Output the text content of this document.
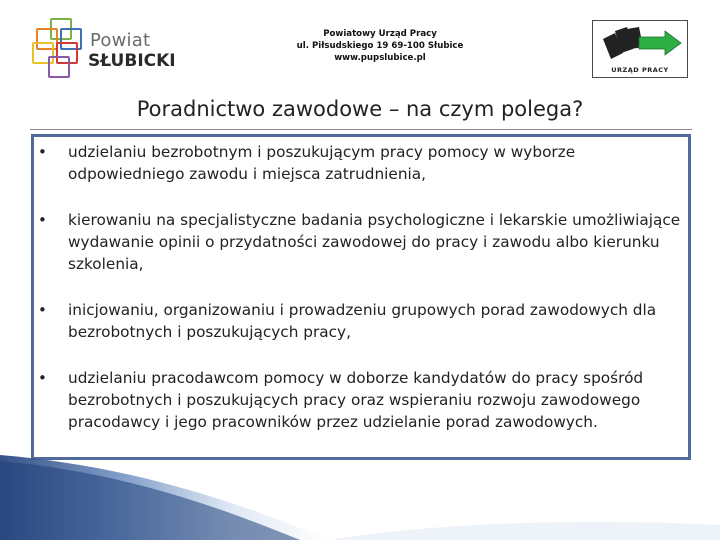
Powiat
SŁUBICKI
Powiatowy Urząd Pracy
ul. Piłsudskiego 19 69-100 Słubice
www.pupslubice.pl
URZĄD PRACY
Poradnictwo zawodowe – na czym polega?
• udzielaniu bezrobotnym i poszukującym pracy pomocy w wyborze odpowiedniego zawodu i miejsca zatrudnienia,
• kierowaniu na specjalistyczne badania psychologiczne i lekarskie umożliwiające wydawanie opinii o przydatności zawodowej do pracy i zawodu albo kierunku szkolenia,
• inicjowaniu, organizowaniu i prowadzeniu grupowych porad zawodowych dla bezrobotnych i poszukujących pracy,
• udzielaniu pracodawcom pomocy w doborze kandydatów do pracy spośród bezrobotnych i poszukujących pracy oraz wspieraniu rozwoju zawodowego pracodawcy i jego pracowników przez udzielanie porad zawodowych.
